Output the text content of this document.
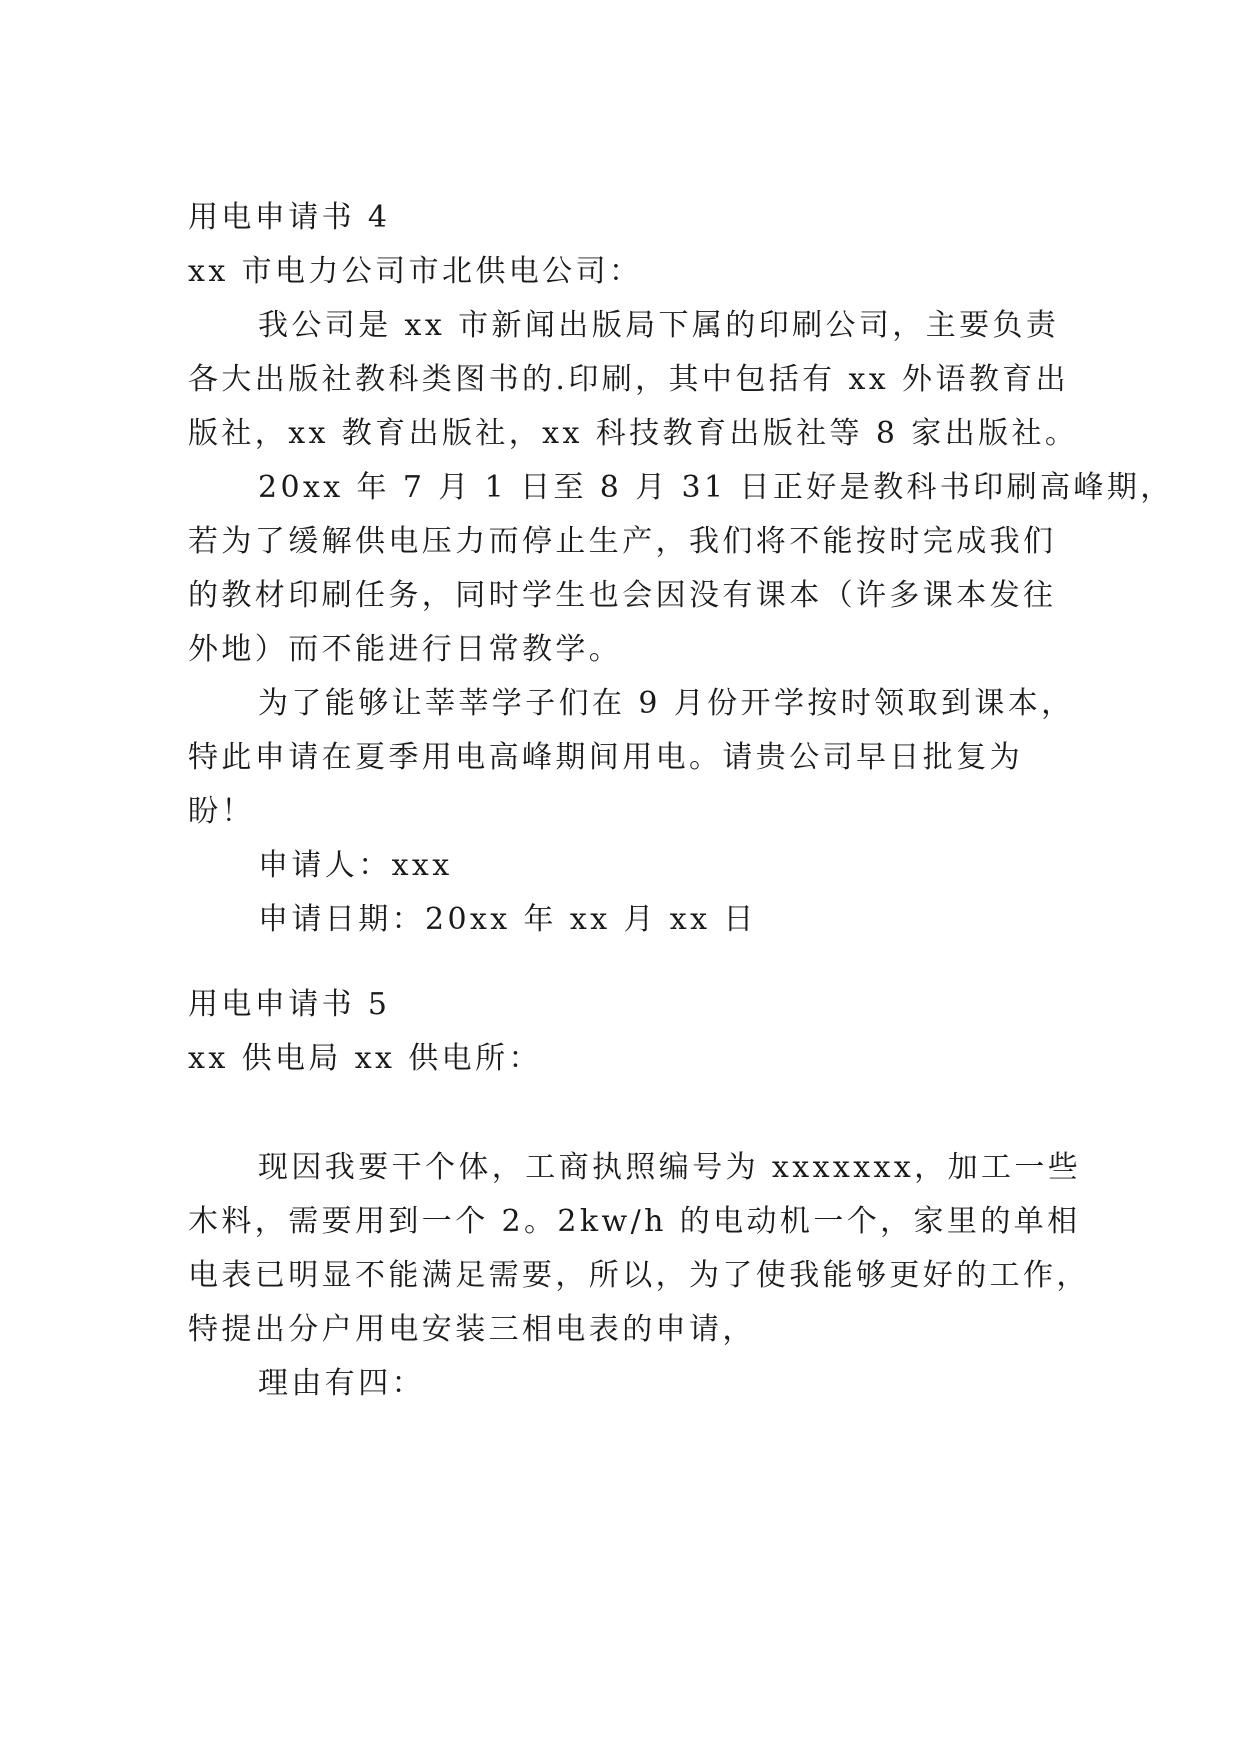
用电申请书 4
xx 市电力公司市北供电公司：
我公司是 xx 市新闻出版局下属的印刷公司，主要负责
各大出版社教科类图书的.印刷，其中包括有 xx 外语教育出
版社，xx 教育出版社，xx 科技教育出版社等 8 家出版社。
20xx 年 7 月 1 日至 8 月 31 日正好是教科书印刷高峰期，
若为了缓解供电压力而停止生产，我们将不能按时完成我们
的教材印刷任务，同时学生也会因没有课本（许多课本发往
外地）而不能进行日常教学。
为了能够让莘莘学子们在 9 月份开学按时领取到课本，
特此申请在夏季用电高峰期间用电。请贵公司早日批复为
盼！
申请人：xxx
申请日期：20xx 年 xx 月 xx 日
用电申请书 5
xx 供电局 xx 供电所：
现因我要干个体，工商执照编号为 xxxxxxx，加工一些
木料，需要用到一个 2。2kw/h 的电动机一个，家里的单相
电表已明显不能满足需要，所以，为了使我能够更好的工作，
特提出分户用电安装三相电表的申请，
理由有四：
